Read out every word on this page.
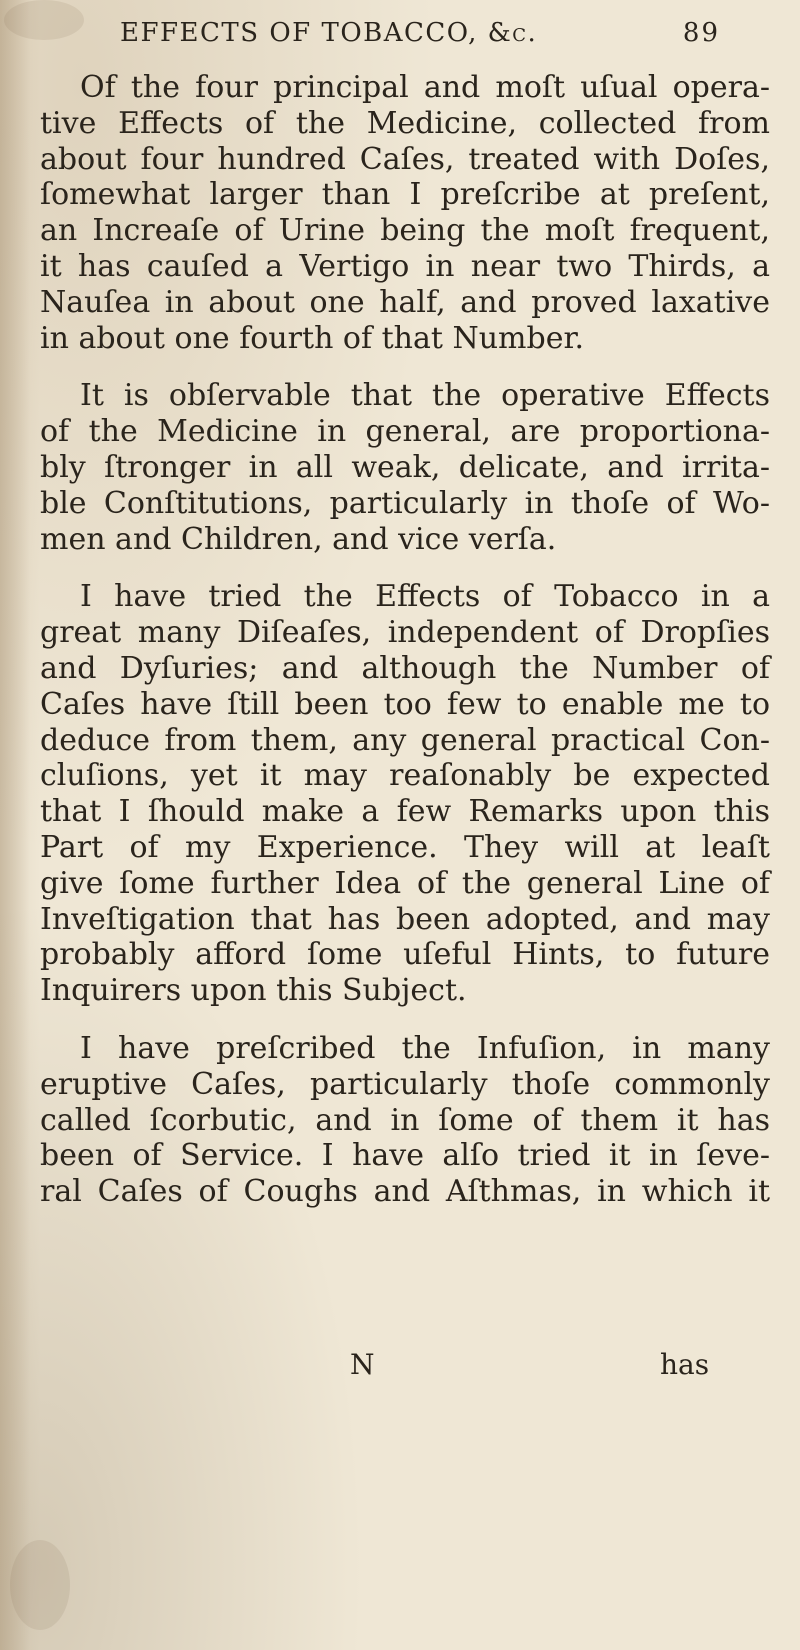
EFFECTS OF TOBACCO, &c.	89

Of the four principal and moſt uſual opera-
tive Effects of the Medicine, collected from
about four hundred Caſes, treated with Doſes,
ſomewhat larger than I preſcribe at preſent,
an Increaſe of Urine being the moſt frequent,
it has cauſed a Vertigo in near two Thirds, a
Nauſea in about one half, and proved laxative
in about one fourth of that Number.

It is obſervable that the operative Effects
of the Medicine in general, are proportiona-
bly ſtronger in all weak, delicate, and irrita-
ble Conſtitutions, particularly in thoſe of Wo-
men and Children, and vice verſa.

I have tried the Effects of Tobacco in a
great many Diſeaſes, independent of Dropſies
and Dyſuries; and although the Number of
Caſes have ſtill been too few to enable me to
deduce from them, any general practical Con-
cluſions, yet it may reaſonably be expected
that I ſhould make a few Remarks upon this
Part of my Experience. They will at leaſt
give ſome further Idea of the general Line of
Inveſtigation that has been adopted, and may
probably afford ſome uſeful Hints, to future
Inquirers upon this Subject.

I have preſcribed the Infuſion, in many
eruptive Caſes, particularly thoſe commonly
called ſcorbutic, and in ſome of them it has
been of Service. I have alſo tried it in ſeve-
ral Caſes of Coughs and Aſthmas, in which it

N	has
